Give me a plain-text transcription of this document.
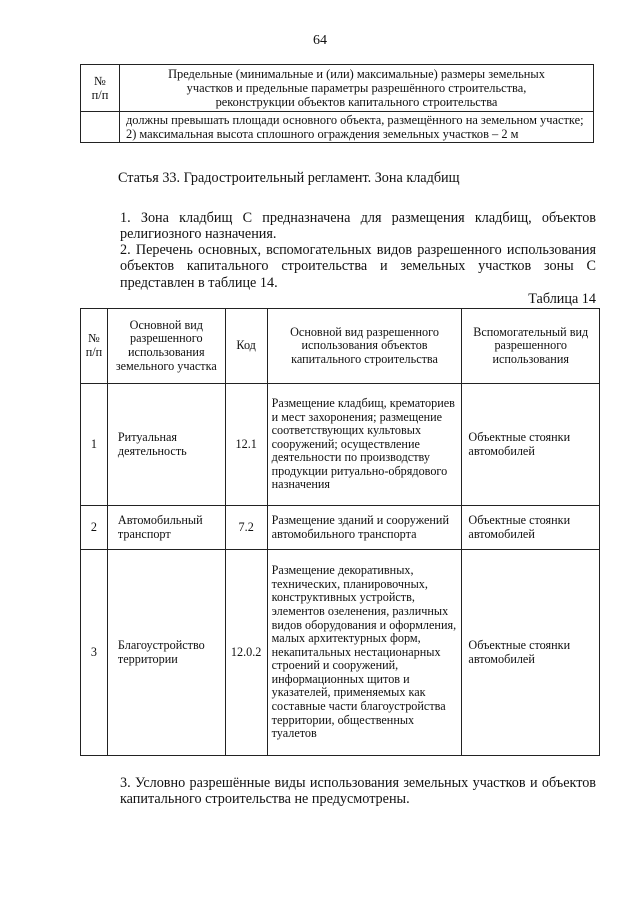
64
№
п/п	Предельные (минимальные и (или) максимальные) размеры земельных участков и предельные параметры разрешённого строительства, реконструкции объектов капитального строительства
	должны превышать площади основного объекта, размещённого на земельном участке;
2) максимальная высота сплошного ограждения земельных участков – 2 м
Статья 33. Градостроительный регламент. Зона кладбищ
1. Зона кладбищ С предназначена для размещения кладбищ, объектов религиозного назначения.
2. Перечень основных, вспомогательных видов разрешенного использования объектов капитального строительства и земельных участков зоны С представлен в таблице 14.
Таблица 14
№
п/п	Основной вид разрешенного использования земельного участка	Код	Основной вид разрешенного использования объектов капитального строительства	Вспомогательный вид разрешенного использования
1	Ритуальная деятельность	12.1	Размещение кладбищ, крематориев и мест захоронения; размещение соответствующих культовых сооружений; осуществление деятельности по производству продукции ритуально-обрядового назначения	Объектные стоянки автомобилей
2	Автомобильный транспорт	7.2	Размещение зданий и сооружений автомобильного транспорта	Объектные стоянки автомобилей
3	Благоустройство территории	12.0.2	Размещение декоративных, технических, планировочных, конструктивных устройств, элементов озеленения, различных видов оборудования и оформления, малых архитектурных форм, некапитальных нестационарных строений и сооружений, информационных щитов и указателей, применяемых как составные части благоустройства территории, общественных туалетов	Объектные стоянки автомобилей
3. Условно разрешённые виды использования земельных участков и объектов капитального строительства не предусмотрены.
